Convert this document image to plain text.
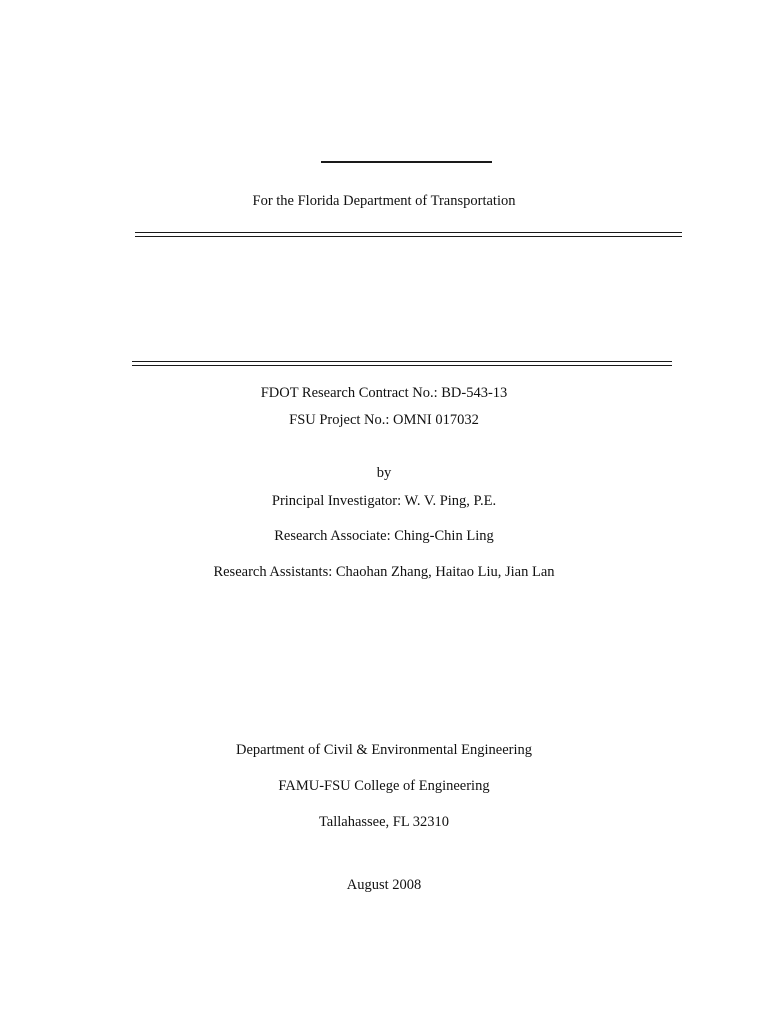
For the Florida Department of Transportation
FDOT Research Contract No.: BD-543-13
FSU Project No.: OMNI 017032
by
Principal Investigator: W. V. Ping, P.E.
Research Associate: Ching-Chin Ling
Research Assistants: Chaohan Zhang, Haitao Liu, Jian Lan
Department of Civil & Environmental Engineering
FAMU-FSU College of Engineering
Tallahassee, FL 32310
August 2008
